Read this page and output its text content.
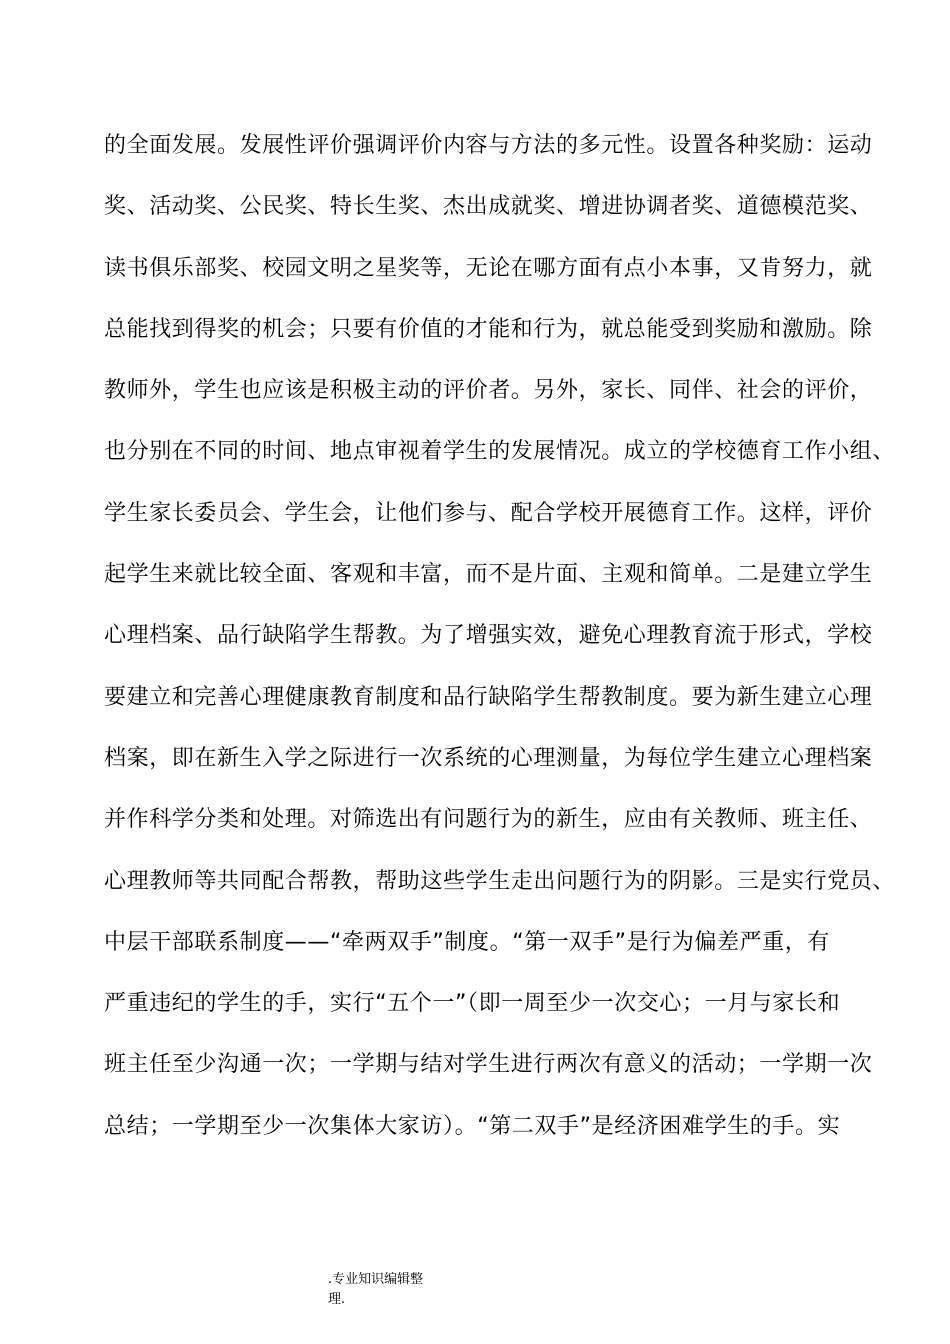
的全面发展。发展性评价强调评价内容与方法的多元性。设置各种奖励：运动
奖、活动奖、公民奖、特长生奖、杰出成就奖、增进协调者奖、道德模范奖、
读书俱乐部奖、校园文明之星奖等，无论在哪方面有点小本事，又肯努力，就
总能找到得奖的机会；只要有价值的才能和行为，就总能受到奖励和激励。除
教师外，学生也应该是积极主动的评价者。另外，家长、同伴、社会的评价，
也分别在不同的时间、地点审视着学生的发展情况。成立的学校德育工作小组、
学生家长委员会、学生会，让他们参与、配合学校开展德育工作。这样，评价
起学生来就比较全面、客观和丰富，而不是片面、主观和简单。二是建立学生
心理档案、品行缺陷学生帮教。为了增强实效，避免心理教育流于形式，学校
要建立和完善心理健康教育制度和品行缺陷学生帮教制度。要为新生建立心理
档案，即在新生入学之际进行一次系统的心理测量，为每位学生建立心理档案
并作科学分类和处理。对筛选出有问题行为的新生，应由有关教师、班主任、
心理教师等共同配合帮教，帮助这些学生走出问题行为的阴影。三是实行党员、
中层干部联系制度——“牵两双手”制度。“第一双手”是行为偏差严重，有
严重违纪的学生的手，实行“五个一”（即一周至少一次交心；一月与家长和
班主任至少沟通一次；一学期与结对学生进行两次有意义的活动；一学期一次
总结；一学期至少一次集体大家访）。“第二双手”是经济困难学生的手。实
.专业知识编辑整
理.
